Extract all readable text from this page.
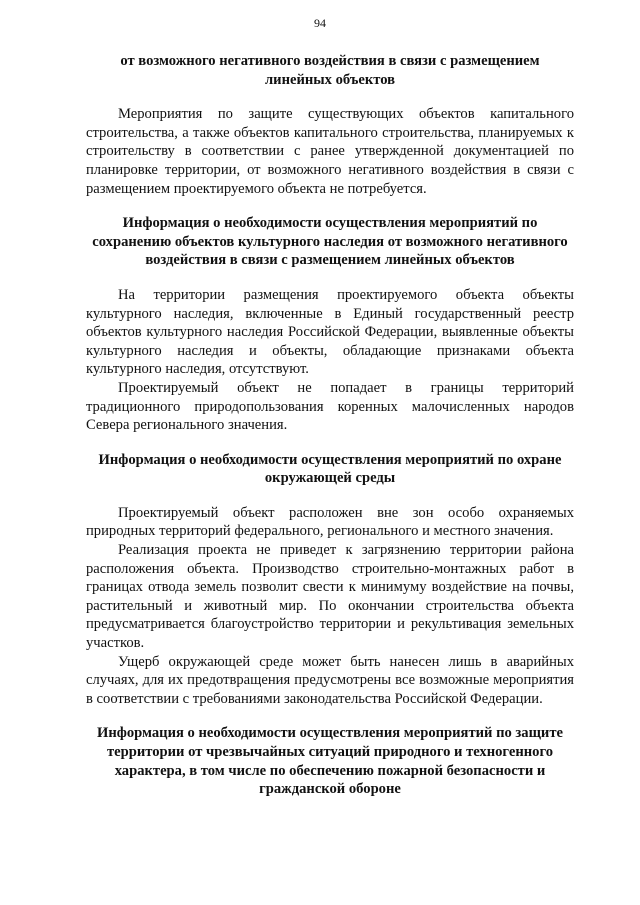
94

от возможного негативного воздействия в связи с размещением линейных объектов

Мероприятия по защите существующих объектов капитального строительства, а также объектов капитального строительства, планируемых к строительству в соответствии с ранее утвержденной документацией по планировке территории, от возможного негативного воздействия в связи с размещением проектируемого объекта не потребуется.

Информация о необходимости осуществления мероприятий по сохранению объектов культурного наследия от возможного негативного воздействия в связи с размещением линейных объектов

На территории размещения проектируемого объекта объекты культурного наследия, включенные в Единый государственный реестр объектов культурного наследия Российской Федерации, выявленные объекты культурного наследия и объекты, обладающие признаками объекта культурного наследия, отсутствуют.

Проектируемый объект не попадает в границы территорий традиционного природопользования коренных малочисленных народов Севера регионального значения.

Информация о необходимости осуществления мероприятий по охране окружающей среды

Проектируемый объект расположен вне зон особо охраняемых природных территорий федерального, регионального и местного значения.

Реализация проекта не приведет к загрязнению территории района расположения объекта. Производство строительно-монтажных работ в границах отвода земель позволит свести к минимуму воздействие на почвы, растительный и животный мир. По окончании строительства объекта предусматривается благоустройство территории и рекультивация земельных участков.

Ущерб окружающей среде может быть нанесен лишь в аварийных случаях, для их предотвращения предусмотрены все возможные мероприятия в соответствии с требованиями законодательства Российской Федерации.

Информация о необходимости осуществления мероприятий по защите территории от чрезвычайных ситуаций природного и техногенного характера, в том числе по обеспечению пожарной безопасности и гражданской обороне
